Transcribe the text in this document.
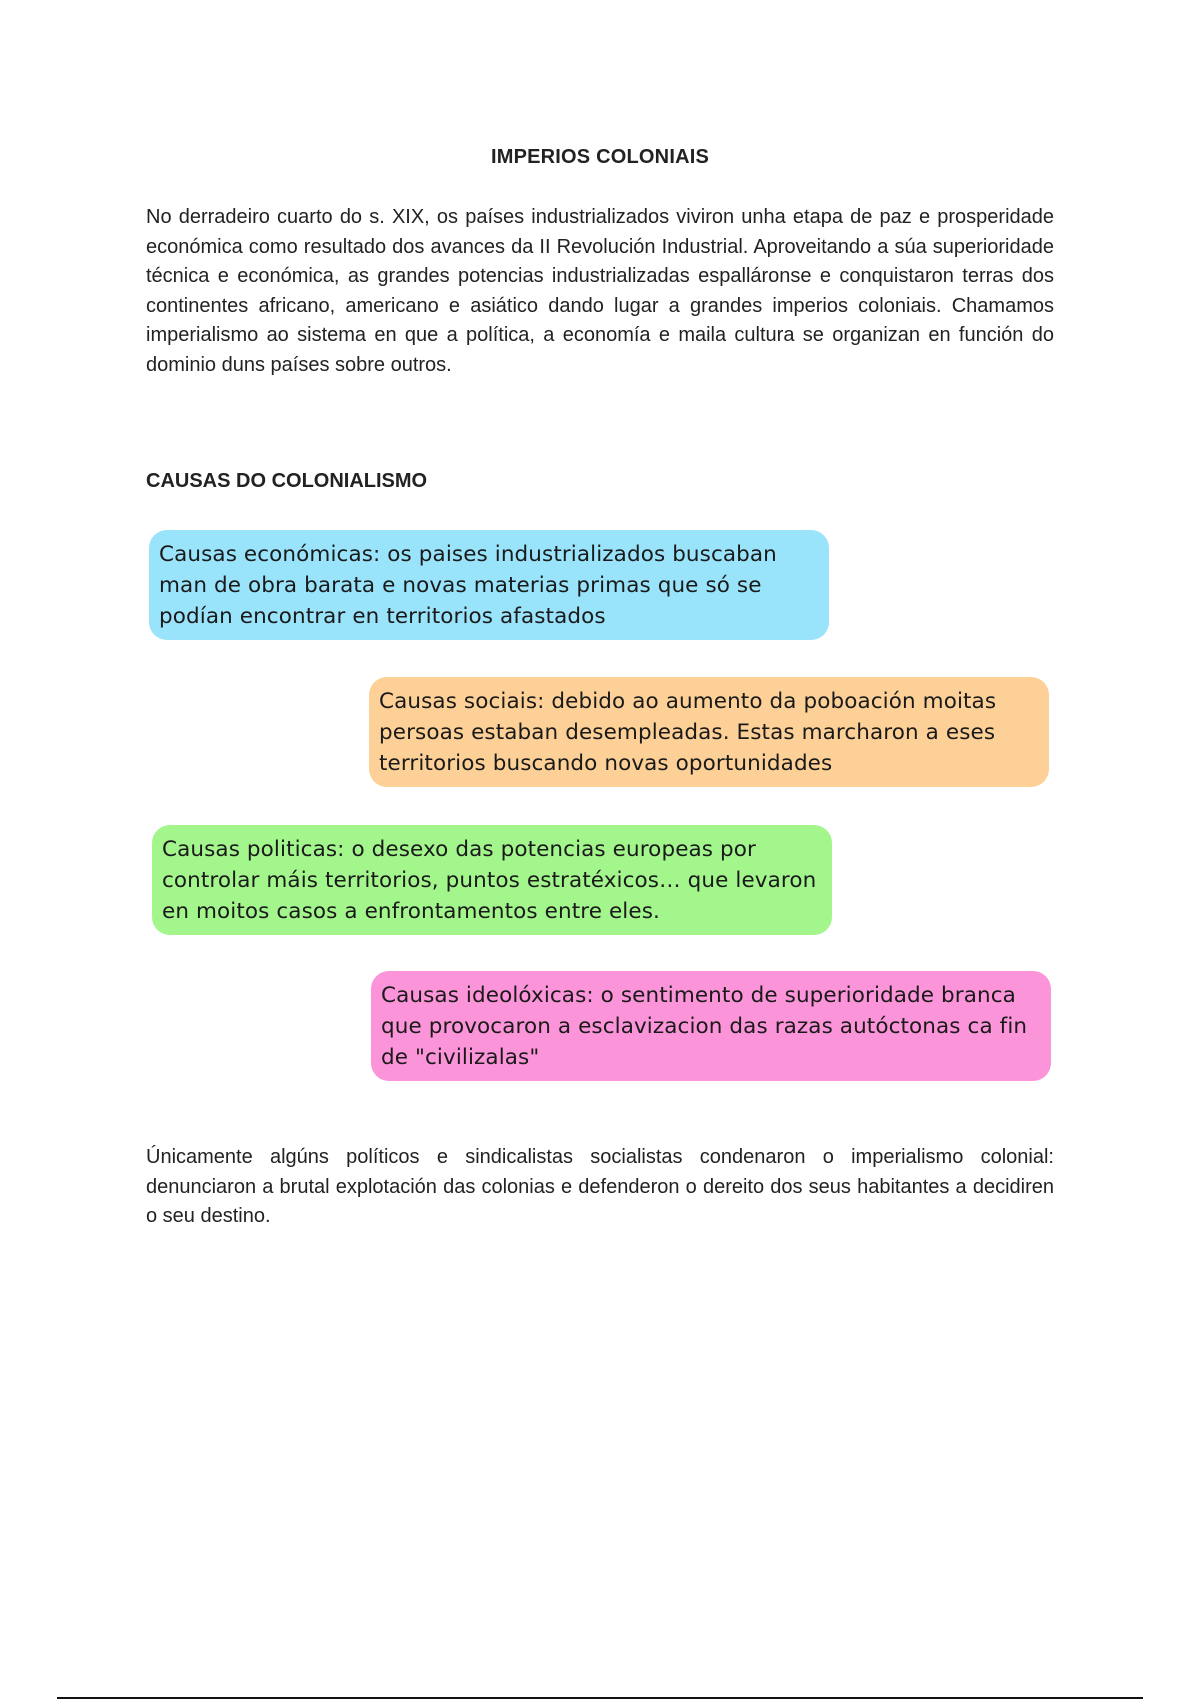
IMPERIOS COLONIAIS

No derradeiro cuarto do s. XIX, os países industrializados viviron unha etapa de paz e prosperidade económica como resultado dos avances da II Revolución Industrial. Aproveitando a súa superioridade técnica e económica, as grandes potencias industrializadas espalláronse e conquistaron terras dos continentes africano, americano e asiático dando lugar a grandes imperios coloniais. Chamamos imperialismo ao sistema en que a política, a economía e maila cultura se organizan en función do dominio duns países sobre outros.

CAUSAS DO COLONIALISMO
Causas económicas: os paises industrializados buscaban man de obra barata e novas materias primas que só se podían encontrar en territorios afastados
Causas sociais: debido ao aumento da poboación moitas persoas estaban desempleadas. Estas marcharon a eses territorios buscando novas oportunidades
Causas politicas: o desexo das potencias europeas por controlar máis territorios, puntos estratéxicos… que levaron en moitos casos a enfrontamentos entre eles.
Causas ideolóxicas: o sentimento de superioridade branca que provocaron a esclavizacion das razas autóctonas ca fin de "civilizalas"

Únicamente algúns políticos e sindicalistas socialistas condenaron o imperialismo colonial: denunciaron a brutal explotación das colonias e defenderon o dereito dos seus habitantes a decidiren o seu destino.
